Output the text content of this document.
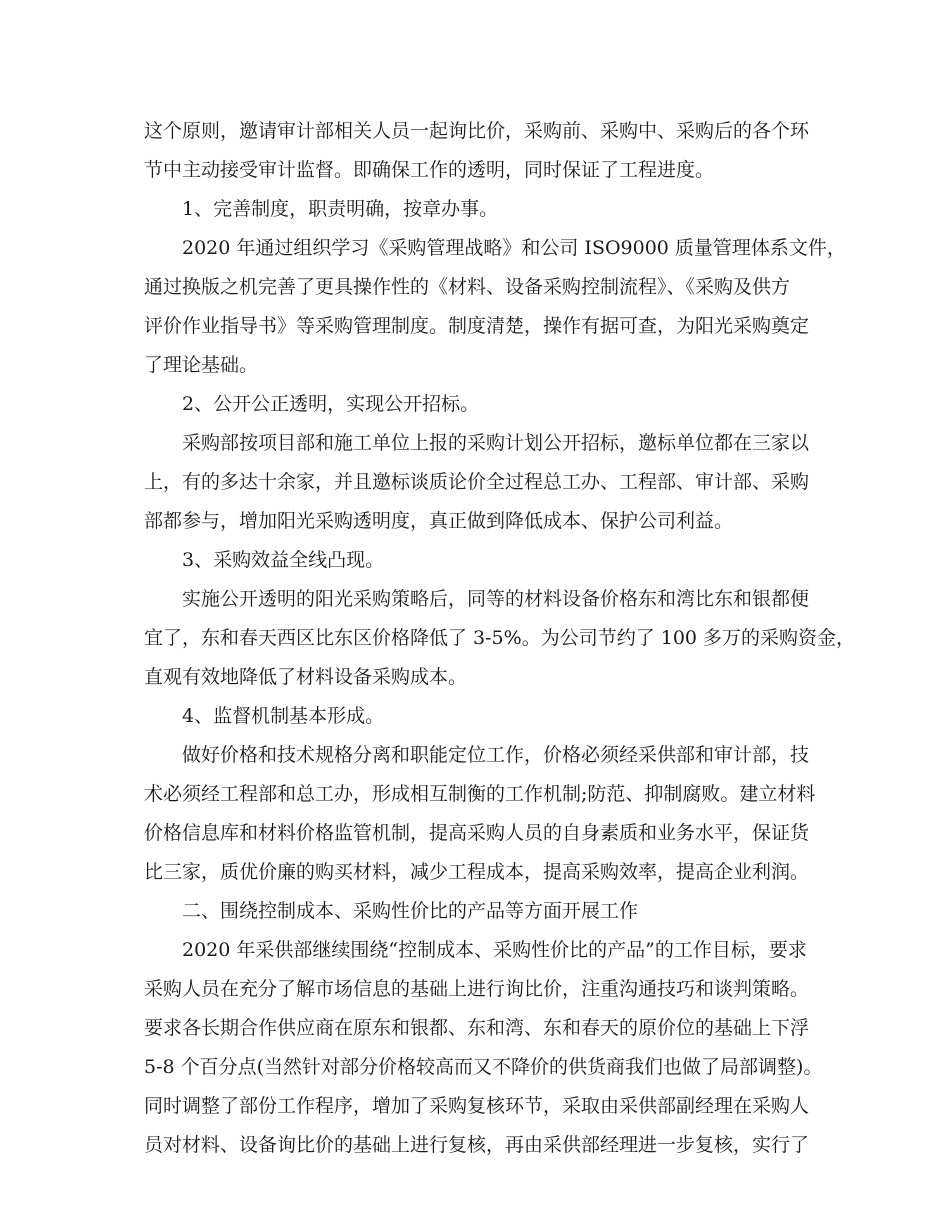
这个原则，邀请审计部相关人员一起询比价，采购前、采购中、采购后的各个环
节中主动接受审计监督。即确保工作的透明，同时保证了工程进度。
1、完善制度，职责明确，按章办事。
2020 年通过组织学习《采购管理战略》和公司 ISO9000 质量管理体系文件，
通过换版之机完善了更具操作性的《材料、设备采购控制流程》、《采购及供方
评价作业指导书》等采购管理制度。制度清楚，操作有据可查，为阳光采购奠定
了理论基础。
2、公开公正透明，实现公开招标。
采购部按项目部和施工单位上报的采购计划公开招标，邀标单位都在三家以
上，有的多达十余家，并且邀标谈质论价全过程总工办、工程部、审计部、采购
部都参与，增加阳光采购透明度，真正做到降低成本、保护公司利益。
3、采购效益全线凸现。
实施公开透明的阳光采购策略后，同等的材料设备价格东和湾比东和银都便
宜了，东和春天西区比东区价格降低了 3-5%。为公司节约了 100 多万的采购资金，
直观有效地降低了材料设备采购成本。
4、监督机制基本形成。
做好价格和技术规格分离和职能定位工作，价格必须经采供部和审计部，技
术必须经工程部和总工办，形成相互制衡的工作机制;防范、抑制腐败。建立材料
价格信息库和材料价格监管机制，提高采购人员的自身素质和业务水平，保证货
比三家，质优价廉的购买材料，减少工程成本，提高采购效率，提高企业利润。
二、围绕控制成本、采购性价比的产品等方面开展工作
2020 年采供部继续围绕“控制成本、采购性价比的产品”的工作目标，要求
采购人员在充分了解市场信息的基础上进行询比价，注重沟通技巧和谈判策略。
要求各长期合作供应商在原东和银都、东和湾、东和春天的原价位的基础上下浮
5-8 个百分点(当然针对部分价格较高而又不降价的供货商我们也做了局部调整)。
同时调整了部份工作程序，增加了采购复核环节，采取由采供部副经理在采购人
员对材料、设备询比价的基础上进行复核，再由采供部经理进一步复核，实行了
